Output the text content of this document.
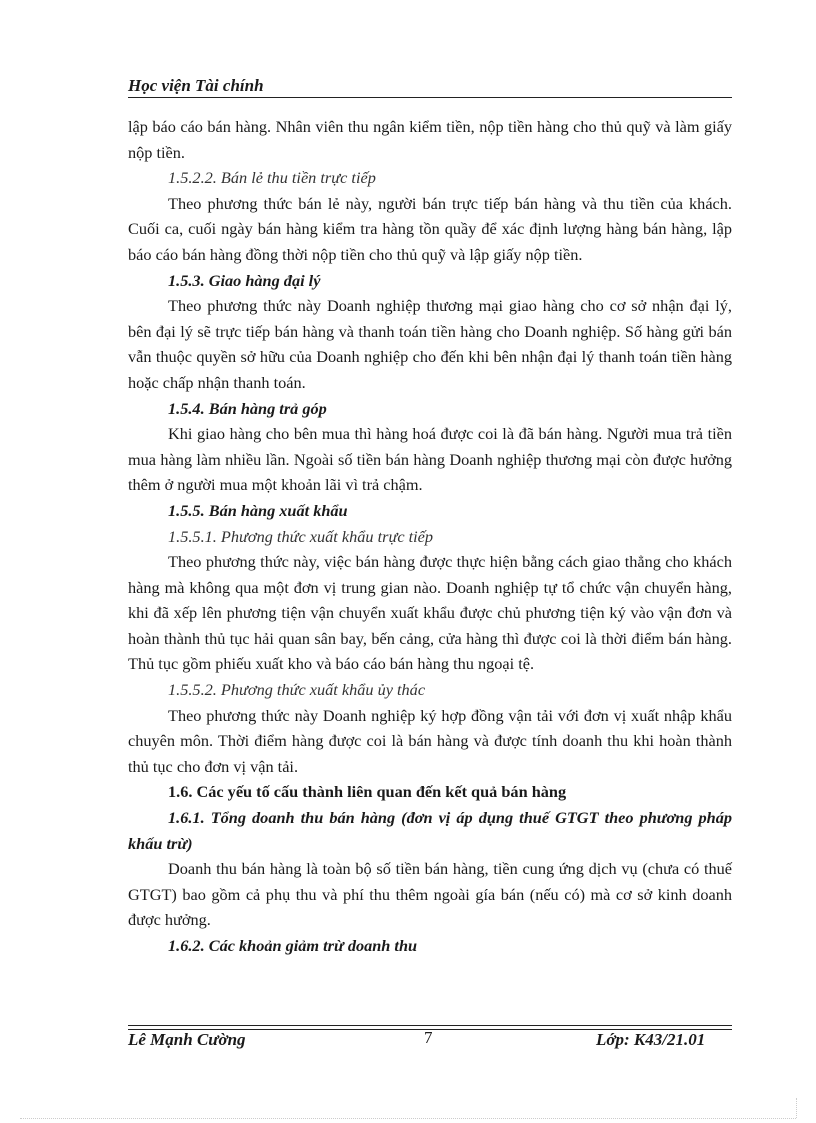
Học viện Tài chính

lập báo cáo bán hàng. Nhân viên thu ngân kiểm tiền, nộp tiền hàng cho thủ quỹ và làm giấy nộp tiền.

1.5.2.2. Bán lẻ thu tiền trực tiếp

Theo phương thức bán lẻ này, người bán trực tiếp bán hàng và thu tiền của khách. Cuối ca, cuối ngày bán hàng kiểm tra hàng tồn quầy để xác định lượng hàng bán hàng, lập báo cáo bán hàng đồng thời nộp tiền cho thủ quỹ và lập giấy nộp tiền.

1.5.3. Giao hàng đại lý

Theo phương thức này Doanh nghiệp thương mại giao hàng cho cơ sở nhận đại lý, bên đại lý sẽ trực tiếp bán hàng và thanh toán tiền hàng cho Doanh nghiệp. Số hàng gửi bán vẫn thuộc quyền sở hữu của Doanh nghiệp cho đến khi bên nhận đại lý thanh toán tiền hàng hoặc chấp nhận thanh toán.

1.5.4. Bán hàng trả góp

Khi giao hàng cho bên mua thì hàng hoá được coi là đã bán hàng. Người mua trả tiền mua hàng làm nhiều lần. Ngoài số tiền bán hàng Doanh nghiệp thương mại còn được hưởng thêm ở người mua một khoản lãi vì trả chậm.

1.5.5. Bán hàng xuất khẩu

1.5.5.1. Phương thức xuất khẩu trực tiếp

Theo phương thức này, việc bán hàng được thực hiện bằng cách giao thẳng cho khách hàng mà không qua một đơn vị trung gian nào. Doanh nghiệp tự tổ chức vận chuyển hàng, khi đã xếp lên phương tiện vận chuyển xuất khẩu được chủ phương tiện ký vào vận đơn và hoàn thành thủ tục hải quan sân bay, bến cảng, cửa hàng thì được coi là thời điểm bán hàng. Thủ tục gồm phiếu xuất kho và báo cáo bán hàng thu ngoại tệ.

1.5.5.2. Phương thức xuất khẩu ủy thác

Theo phương thức này Doanh nghiệp ký hợp đồng vận tải với đơn vị xuất nhập khẩu chuyên môn. Thời điểm hàng được coi là bán hàng và được tính doanh thu khi hoàn thành thủ tục cho đơn vị vận tải.

1.6. Các yếu tố cấu thành liên quan đến kết quả bán hàng

1.6.1. Tổng doanh thu bán hàng (đơn vị áp dụng thuế GTGT theo phương pháp khấu trừ)

Doanh thu bán hàng là toàn bộ số tiền bán hàng, tiền cung ứng dịch vụ (chưa có thuế GTGT) bao gồm cả phụ thu và phí thu thêm ngoài gía bán (nếu có) mà cơ sở kinh doanh được hưởng.

1.6.2. Các khoản giảm trừ doanh thu

Lê Mạnh Cường	7	Lớp: K43/21.01
